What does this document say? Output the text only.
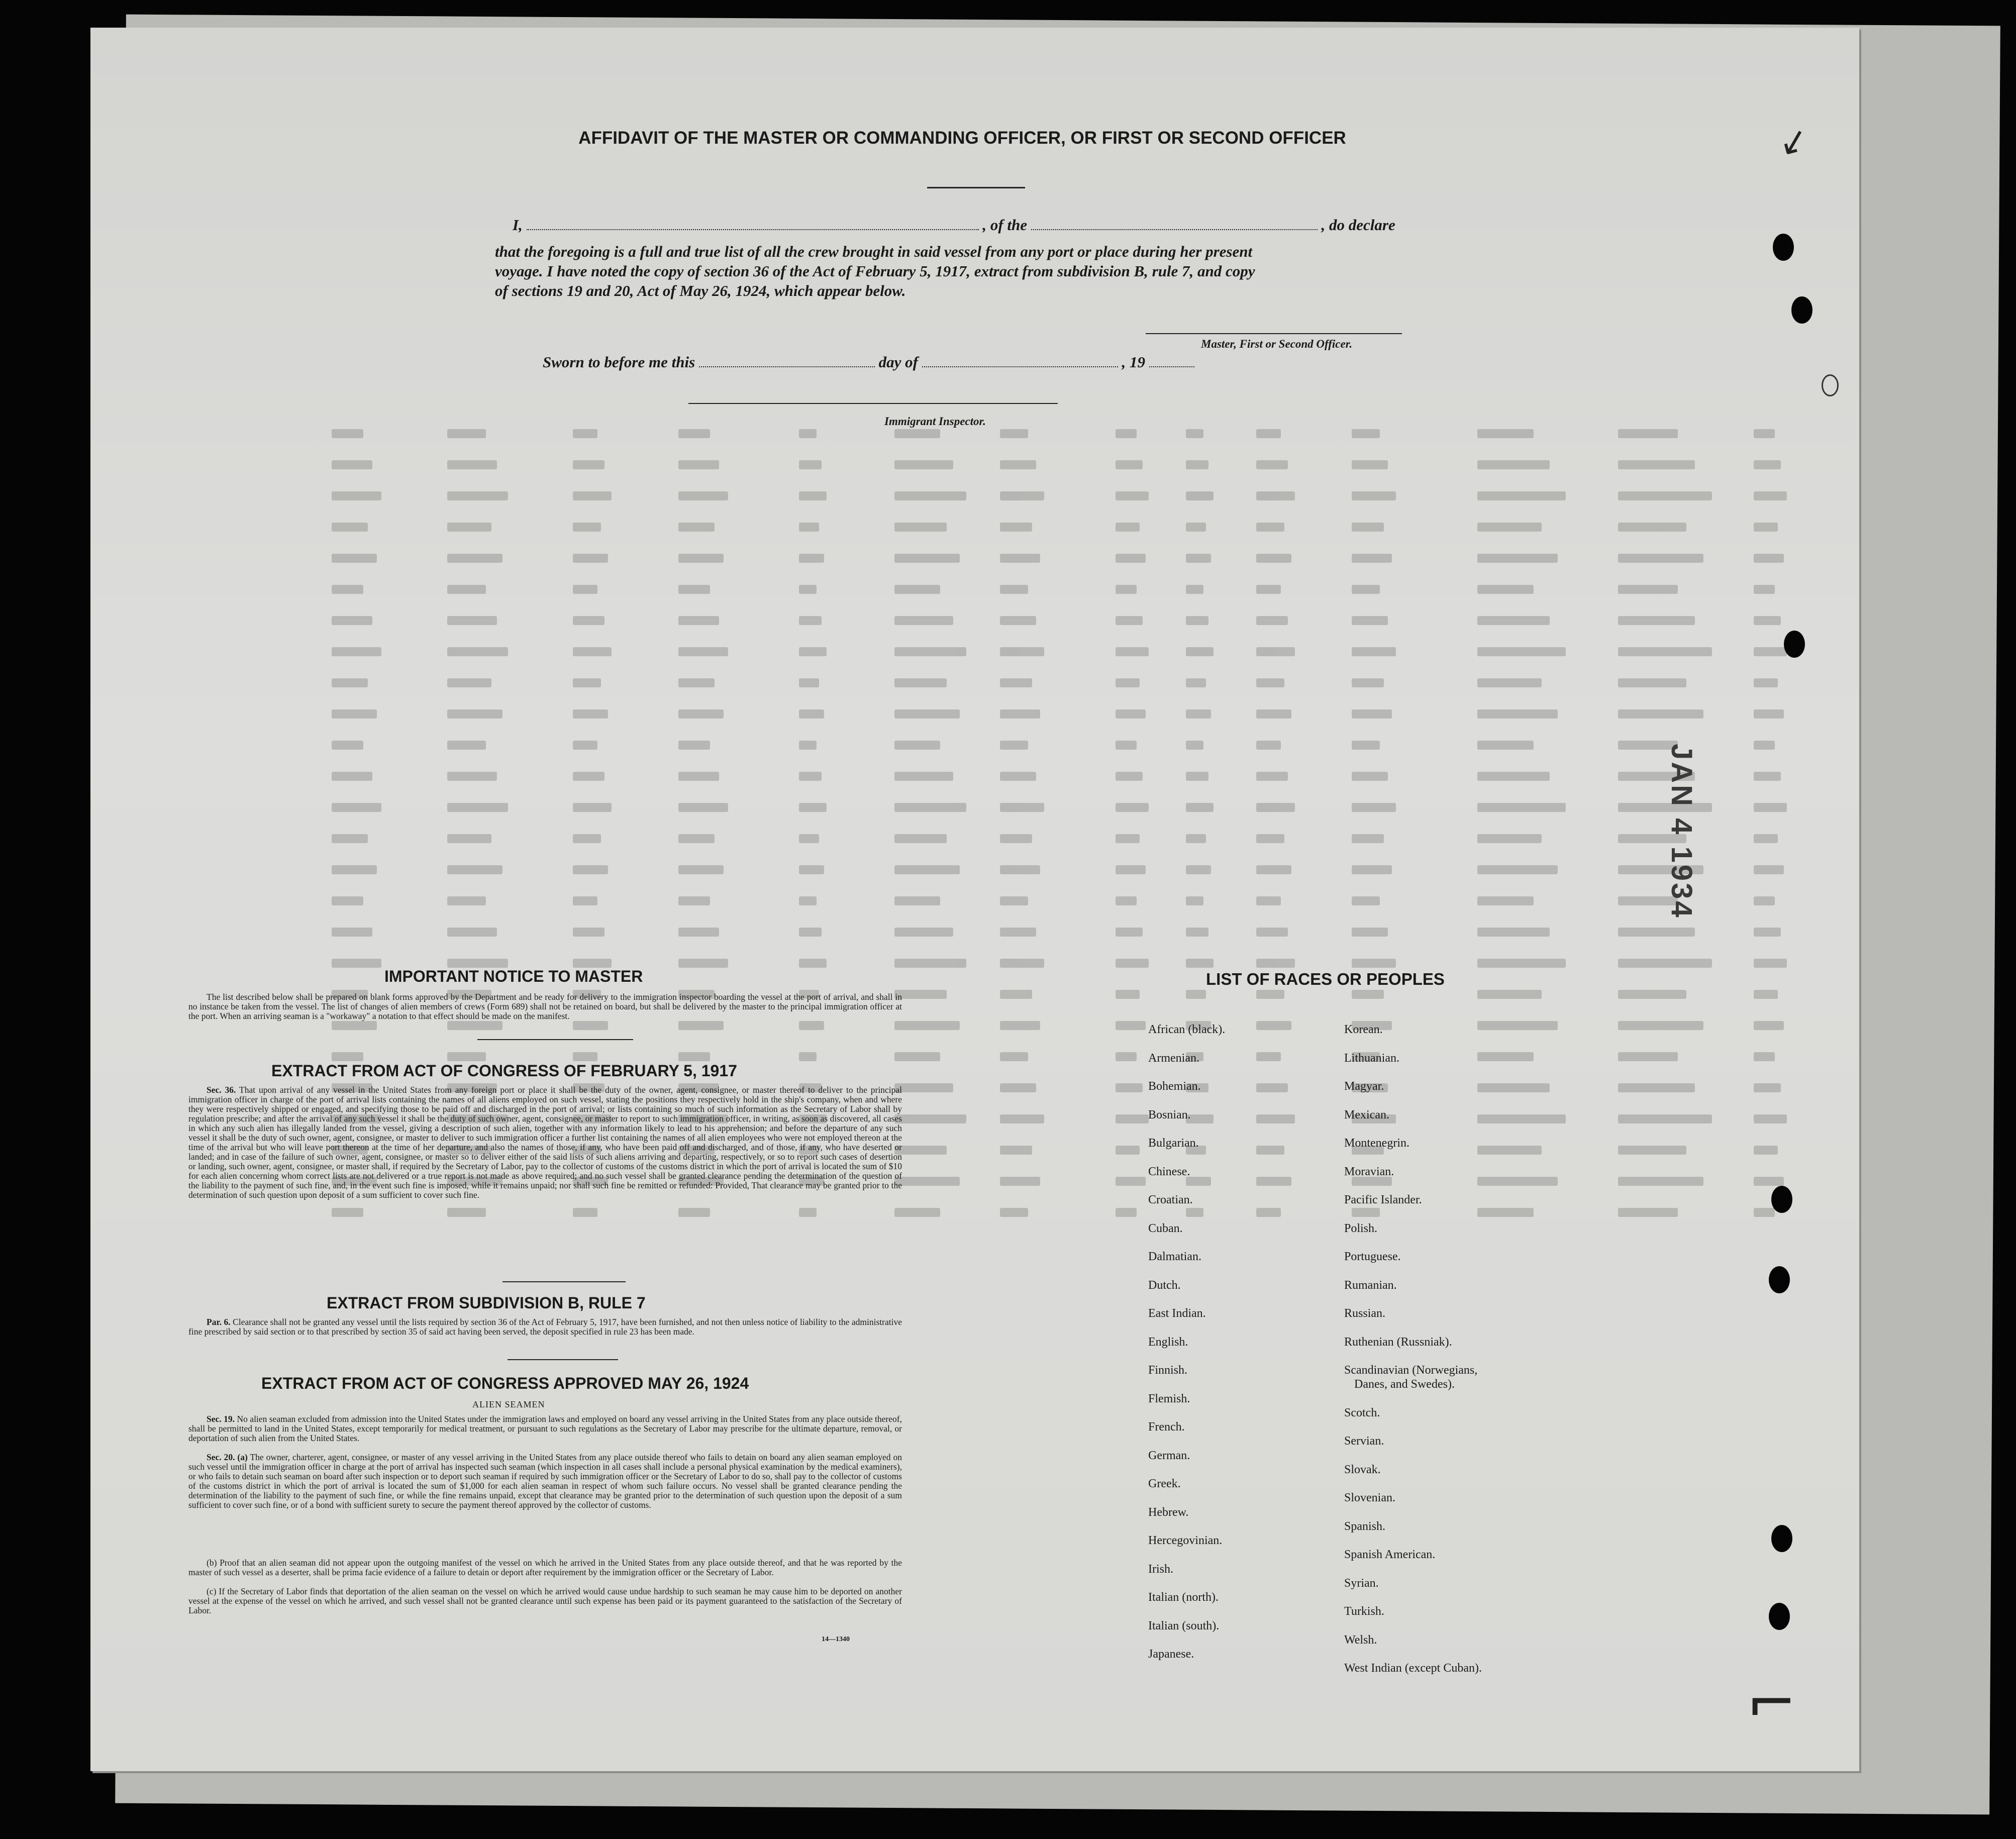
AFFIDAVIT OF THE MASTER OR COMMANDING OFFICER, OR FIRST OR SECOND OFFICER
I,	, of the	, do declare
that the foregoing is a full and true list of all the crew brought in said vessel from any port or place during her present
voyage. I have noted the copy of section 36 of the Act of February 5, 1917, extract from subdivision B, rule 7, and copy
of sections 19 and 20, Act of May 26, 1924, which appear below.
Master, First or Second Officer.
Sworn to before me this	day of	, 19
Immigrant Inspector.
IMPORTANT NOTICE TO MASTER
The list described below shall be prepared on blank forms approved by the Department and be ready for delivery to the immigration inspector boarding the vessel at the port of arrival, and shall in no instance be taken from the vessel. The list of changes of alien members of crews (Form 689) shall not be retained on board, but shall be delivered by the master to the principal immigration officer at the port. When an arriving seaman is a "workaway" a notation to that effect should be made on the manifest.
EXTRACT FROM ACT OF CONGRESS OF FEBRUARY 5, 1917
Sec. 36. That upon arrival of any vessel in the United States from any foreign port or place it shall be the duty of the owner, agent, consignee, or master thereof to deliver to the principal immigration officer in charge of the port of arrival lists containing the names of all aliens employed on such vessel, stating the positions they respectively hold in the ship's company, when and where they were respectively shipped or engaged, and specifying those to be paid off and discharged in the port of arrival; or lists containing so much of such information as the Secretary of Labor shall by regulation prescribe; and after the arrival of any such vessel it shall be the duty of such owner, agent, consignee, or master to report to such immigration officer, in writing, as soon as discovered, all cases in which any such alien has illegally landed from the vessel, giving a description of such alien, together with any information likely to lead to his apprehension; and before the departure of any such vessel it shall be the duty of such owner, agent, consignee, or master to deliver to such immigration officer a further list containing the names of all alien employees who were not employed thereon at the time of the arrival but who will leave port thereon at the time of her departure, and also the names of those, if any, who have been paid off and discharged, and of those, if any, who have deserted or landed; and in case of the failure of such owner, agent, consignee, or master so to deliver either of the said lists of such aliens arriving and departing, respectively, or so to report such cases of desertion or landing, such owner, agent, consignee, or master shall, if required by the Secretary of Labor, pay to the collector of customs of the customs district in which the port of arrival is located the sum of $10 for each alien concerning whom correct lists are not delivered or a true report is not made as above required; and no such vessel shall be granted clearance pending the determination of the question of the liability to the payment of such fine, and, in the event such fine is imposed, while it remains unpaid; nor shall such fine be remitted or refunded: Provided, That clearance may be granted prior to the determination of such question upon deposit of a sum sufficient to cover such fine.
EXTRACT FROM SUBDIVISION B, RULE 7
Par. 6. Clearance shall not be granted any vessel until the lists required by section 36 of the Act of February 5, 1917, have been furnished, and not then unless notice of liability to the administrative fine prescribed by said section or to that prescribed by section 35 of said act having been served, the deposit specified in rule 23 has been made.
EXTRACT FROM ACT OF CONGRESS APPROVED MAY 26, 1924
ALIEN SEAMEN
Sec. 19. No alien seaman excluded from admission into the United States under the immigration laws and employed on board any vessel arriving in the United States from any place outside thereof, shall be permitted to land in the United States, except temporarily for medical treatment, or pursuant to such regulations as the Secretary of Labor may prescribe for the ultimate departure, removal, or deportation of such alien from the United States.
Sec. 20. (a) The owner, charterer, agent, consignee, or master of any vessel arriving in the United States from any place outside thereof who fails to detain on board any alien seaman employed on such vessel until the immigration officer in charge at the port of arrival has inspected such seaman (which inspection in all cases shall include a personal physical examination by the medical examiners), or who fails to detain such seaman on board after such inspection or to deport such seaman if required by such immigration officer or the Secretary of Labor to do so, shall pay to the collector of customs of the customs district in which the port of arrival is located the sum of $1,000 for each alien seaman in respect of whom such failure occurs. No vessel shall be granted clearance pending the determination of the liability to the payment of such fine, or while the fine remains unpaid, except that clearance may be granted prior to the determination of such question upon the deposit of a sum sufficient to cover such fine, or of a bond with sufficient surety to secure the payment thereof approved by the collector of customs.
(b) Proof that an alien seaman did not appear upon the outgoing manifest of the vessel on which he arrived in the United States from any place outside thereof, and that he was reported by the master of such vessel as a deserter, shall be prima facie evidence of a failure to detain or deport after requirement by the immigration officer or the Secretary of Labor.
(c) If the Secretary of Labor finds that deportation of the alien seaman on the vessel on which he arrived would cause undue hardship to such seaman he may cause him to be deported on another vessel at the expense of the vessel on which he arrived, and such vessel shall not be granted clearance until such expense has been paid or its payment guaranteed to the satisfaction of the Secretary of Labor.
14—1340
LIST OF RACES OR PEOPLES
African (black).
Armenian.
Bohemian.
Bosnian.
Bulgarian.
Chinese.
Croatian.
Cuban.
Dalmatian.
Dutch.
East Indian.
English.
Finnish.
Flemish.
French.
German.
Greek.
Hebrew.
Hercegovinian.
Irish.
Italian (north).
Italian (south).
Japanese.
Korean.
Lithuanian.
Magyar.
Mexican.
Montenegrin.
Moravian.
Pacific Islander.
Polish.
Portuguese.
Rumanian.
Russian.
Ruthenian (Russniak).
Scandinavian (Norwegians,
Danes, and Swedes).
Scotch.
Servian.
Slovak.
Slovenian.
Spanish.
Spanish American.
Syrian.
Turkish.
Welsh.
West Indian (except Cuban).
JAN 4 1934
↙
⌐
